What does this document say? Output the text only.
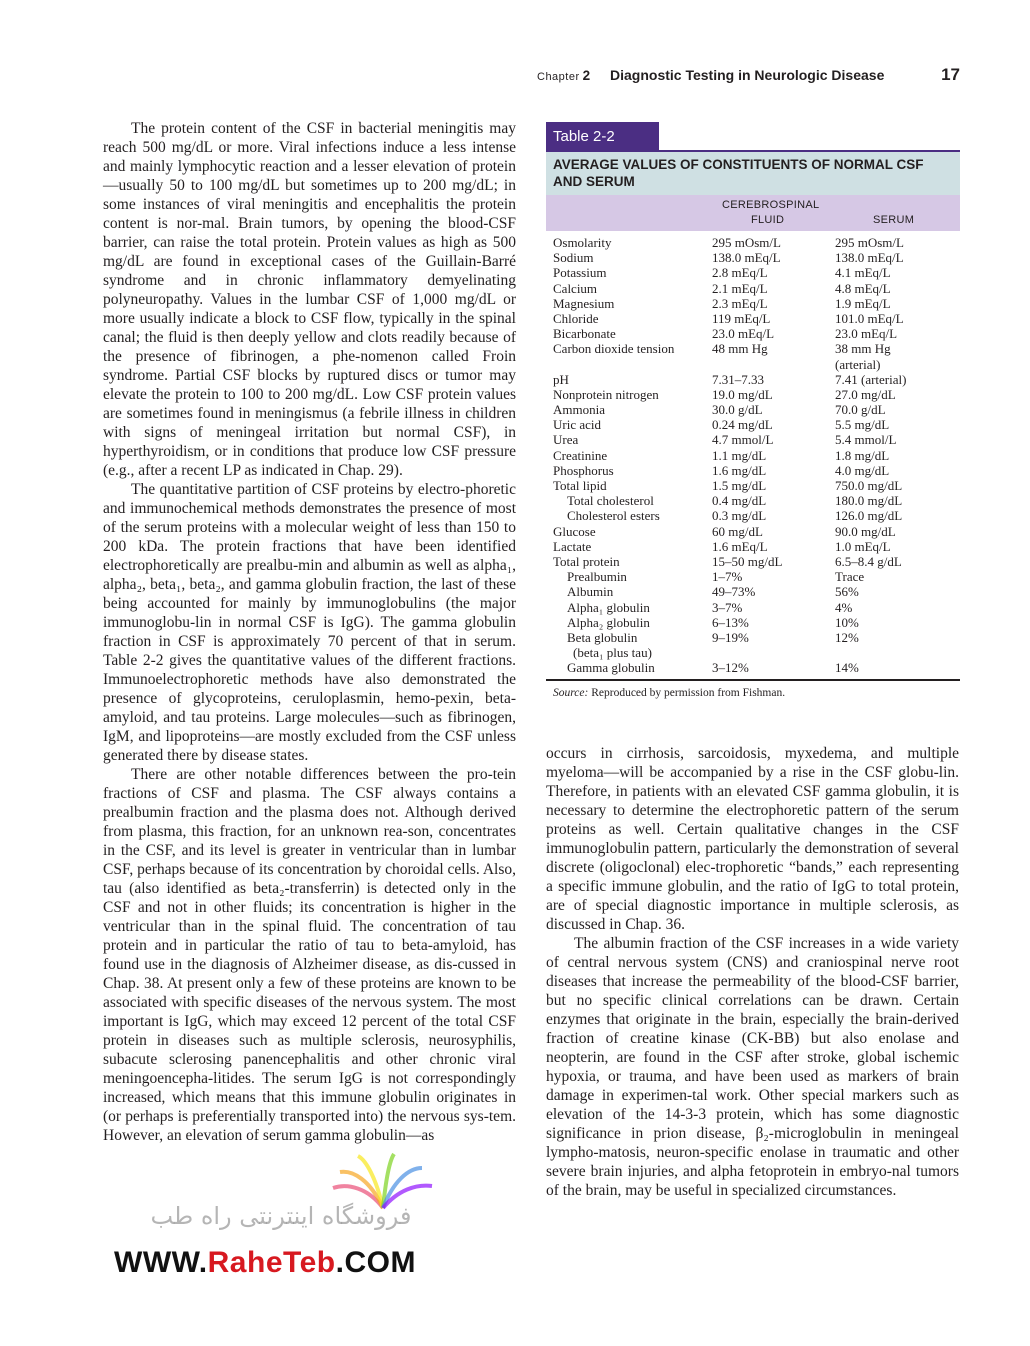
Chapter 2 Diagnostic Testing in Neurologic Disease	17

The protein content of the CSF in bacterial meningitis may reach 500 mg/dL or more. Viral infections induce a less intense and mainly lymphocytic reaction and a lesser elevation of protein—usually 50 to 100 mg/dL but sometimes up to 200 mg/dL; in some instances of viral meningitis and encephalitis the protein content is nor-mal. Brain tumors, by opening the blood-CSF barrier, can raise the total protein. Protein values as high as 500 mg/dL are found in exceptional cases of the Guillain-Barré syndrome and in chronic inflammatory demyelinating polyneuropathy. Values in the lumbar CSF of 1,000 mg/dL or more usually indicate a block to CSF flow, typically in the spinal canal; the fluid is then deeply yellow and clots readily because of the presence of fibrinogen, a phe-nomenon called Froin syndrome. Partial CSF blocks by ruptured discs or tumor may elevate the protein to 100 to 200 mg/dL. Low CSF protein values are sometimes found in meningismus (a febrile illness in children with signs of meningeal irritation but normal CSF), in hyperthyroidism, or in conditions that produce low CSF pressure (e.g., after a recent LP as indicated in Chap. 29).

The quantitative partition of CSF proteins by electro-phoretic and immunochemical methods demonstrates the presence of most of the serum proteins with a molecular weight of less than 150 to 200 kDa. The protein fractions that have been identified electrophoretically are prealbu-min and albumin as well as alpha₁, alpha₂, beta₁, beta₂, and gamma globulin fraction, the last of these being accounted for mainly by immunoglobulins (the major immunoglobu-lin in normal CSF is IgG). The gamma globulin fraction in CSF is approximately 70 percent of that in serum. Table 2-2 gives the quantitative values of the different fractions. Immunoelectrophoretic methods have also demonstrated the presence of glycoproteins, ceruloplasmin, hemo-pexin, beta-amyloid, and tau proteins. Large molecules—such as fibrinogen, IgM, and lipoproteins—are mostly excluded from the CSF unless generated there by disease states.

There are other notable differences between the pro-tein fractions of CSF and plasma. The CSF always contains a prealbumin fraction and the plasma does not. Although derived from plasma, this fraction, for an unknown rea-son, concentrates in the CSF, and its level is greater in ventricular than in lumbar CSF, perhaps because of its concentration by choroidal cells. Also, tau (also identified as beta₂-transferrin) is detected only in the CSF and not in other fluids; its concentration is higher in the ventricular than in the spinal fluid. The concentration of tau protein and in particular the ratio of tau to beta-amyloid, has found use in the diagnosis of Alzheimer disease, as dis-cussed in Chap. 38. At present only a few of these proteins are known to be associated with specific diseases of the nervous system. The most important is IgG, which may exceed 12 percent of the total CSF protein in diseases such as multiple sclerosis, neurosyphilis, subacute sclerosing panencephalitis and other chronic viral meningoencepha-litides. The serum IgG is not correspondingly increased, which means that this immune globulin originates in (or perhaps is preferentially transported into) the nervous sys-tem. However, an elevation of serum gamma globulin—as

Table 2-2
AVERAGE VALUES OF CONSTITUENTS OF NORMAL CSF AND SERUM
CEREBROSPINAL
FLUID	SERUM
Osmolarity	295 mOsm/L	295 mOsm/L
Sodium	138.0 mEq/L	138.0 mEq/L
Potassium	2.8 mEq/L	4.1 mEq/L
Calcium	2.1 mEq/L	4.8 mEq/L
Magnesium	2.3 mEq/L	1.9 mEq/L
Chloride	119 mEq/L	101.0 mEq/L
Bicarbonate	23.0 mEq/L	23.0 mEq/L
Carbon dioxide tension	48 mm Hg	38 mm Hg
(arterial)
pH	7.31–7.33	7.41 (arterial)
Nonprotein nitrogen	19.0 mg/dL	27.0 mg/dL
Ammonia	30.0 g/dL	70.0 g/dL
Uric acid	0.24 mg/dL	5.5 mg/dL
Urea	4.7 mmol/L	5.4 mmol/L
Creatinine	1.1 mg/dL	1.8 mg/dL
Phosphorus	1.6 mg/dL	4.0 mg/dL
Total lipid	1.5 mg/dL	750.0 mg/dL
Total cholesterol	0.4 mg/dL	180.0 mg/dL
Cholesterol esters	0.3 mg/dL	126.0 mg/dL
Glucose	60 mg/dL	90.0 mg/dL
Lactate	1.6 mEq/L	1.0 mEq/L
Total protein	15–50 mg/dL	6.5–8.4 g/dL
Prealbumin	1–7%	Trace
Albumin	49–73%	56%
Alpha₁ globulin	3–7%	4%
Alpha₂ globulin	6–13%	10%
Beta globulin	9–19%	12%
(beta₁ plus tau)
Gamma globulin	3–12%	14%
Source: Reproduced by permission from Fishman.

occurs in cirrhosis, sarcoidosis, myxedema, and multiple myeloma—will be accompanied by a rise in the CSF globu-lin. Therefore, in patients with an elevated CSF gamma globulin, it is necessary to determine the electrophoretic pattern of the serum proteins as well. Certain qualitative changes in the CSF immunoglobulin pattern, particularly the demonstration of several discrete (oligoclonal) elec-trophoretic “bands,” each representing a specific immune globulin, and the ratio of IgG to total protein, are of special diagnostic importance in multiple sclerosis, as discussed in Chap. 36.

The albumin fraction of the CSF increases in a wide variety of central nervous system (CNS) and craniospinal nerve root diseases that increase the permeability of the blood-CSF barrier, but no specific clinical correlations can be drawn. Certain enzymes that originate in the brain, especially the brain-derived fraction of creatine kinase (CK-BB) but also enolase and neopterin, are found in the CSF after stroke, global ischemic hypoxia, or trauma, and have been used as markers of brain damage in experimen-tal work. Other special markers such as elevation of the 14-3-3 protein, which has some diagnostic significance in prion disease, β₂-microglobulin in meningeal lympho-matosis, neuron-specific enolase in traumatic and other severe brain injuries, and alpha fetoprotein in embryo-nal tumors of the brain, may be useful in specialized circumstances.

فروشگاه اینترنتی راه طب
WWW.RaheTeb.COM
